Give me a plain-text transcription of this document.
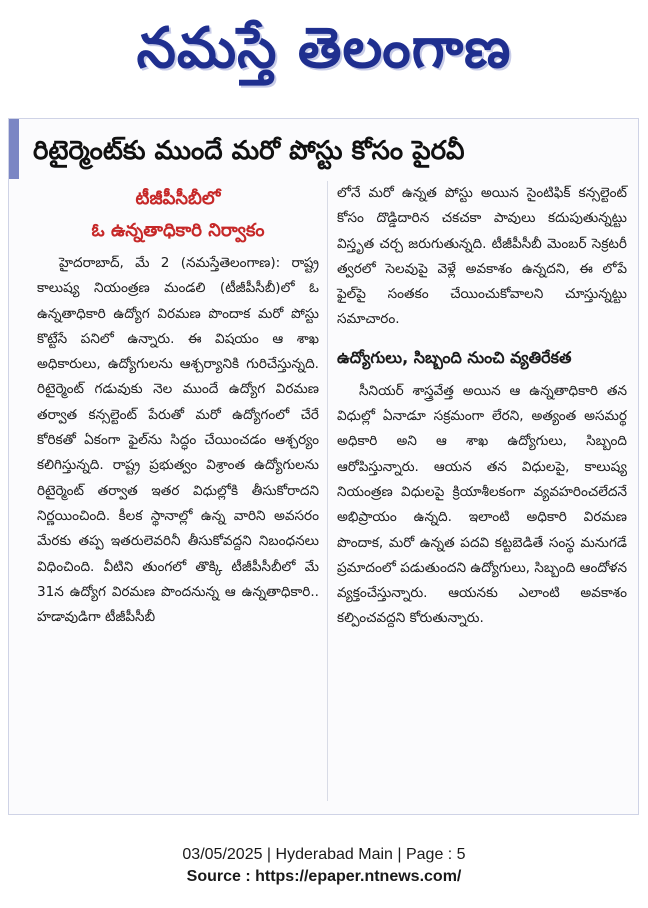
నమస్తే తెలంగాణ
రిటైర్మెంట్‌కు ముందే మరో పోస్టు కోసం పైరవీ
టీజీపీసీబీలో
ఓ ఉన్నతాధికారి నిర్వాకం

హైదరాబాద్‌, మే 2 (నమస్తేతెలంగాణ): రాష్ట్ర కాలుష్య నియంత్రణ మండలి (టీజీపీసీబీ)లో ఓ ఉన్నతాధికారి ఉద్యోగ విరమణ పొందాక మరో పోస్టు కొట్టేసే పనిలో ఉన్నారు. ఈ విషయం ఆ శాఖ అధికారులు, ఉద్యోగులను ఆశ్చర్యానికి గురిచేస్తున్నది. రిటైర్మెంట్‌ గడువుకు నెల ముందే ఉద్యోగ విరమణ తర్వాత కన్సల్టెంట్‌ పేరుతో మరో ఉద్యోగంలో చేరే కోరికతో ఏకంగా ఫైల్‌ను సిద్ధం చేయించడం ఆశ్చర్యం కలిగిస్తున్నది. రాష్ట్ర ప్రభుత్వం విశ్రాంత ఉద్యోగులను రిటైర్మెంట్‌ తర్వాత ఇతర విధుల్లోకి తీసుకోరాదని నిర్ణయించింది. కీలక స్థానాల్లో ఉన్న వారిని అవసరం మేరకు తప్ప ఇతరులెవరినీ తీసుకోవద్దని నిబంధనలు విధించింది. వీటిని తుంగలో తొక్కి టీజీపీసీబీలో మే 31న ఉద్యోగ విరమణ పొందనున్న ఆ ఉన్నతాధికారి.. హడావుడిగా టీజీపీసీబీ

లోనే మరో ఉన్నత పోస్టు అయిన సైంటిఫిక్‌ కన్సల్టెంట్‌ కోసం దొడ్డిదారిన చకచకా పావులు కదుపుతున్నట్టు విస్తృత చర్చ జరుగుతున్నది. టీజీపీసీబీ మెంబర్‌ సెక్రటరీ త్వరలో సెలవుపై వెళ్లే అవకాశం ఉన్నదని, ఈ లోపే ఫైల్‌పై సంతకం చేయించుకోవాలని చూస్తున్నట్టు సమాచారం.

ఉద్యోగులు, సిబ్బంది నుంచి వ్యతిరేకత

సీనియర్‌ శాస్త్రవేత్త అయిన ఆ ఉన్నతాధికారి తన విధుల్లో ఏనాడూ సక్రమంగా లేరని, అత్యంత అసమర్థ అధికారి అని ఆ శాఖ ఉద్యోగులు, సిబ్బంది ఆరోపిస్తున్నారు. ఆయన తన విధులపై, కాలుష్య నియంత్రణ విధులపై క్రియాశీలకంగా వ్యవహరించలేదనే అభిప్రాయం ఉన్నది. ఇలాంటి అధికారి విరమణ పొందాక, మరో ఉన్నత పదవి కట్టబెడితే సంస్థ మనుగడే ప్రమాదంలో పడుతుందని ఉద్యోగులు, సిబ్బంది ఆందోళన వ్యక్తంచేస్తున్నారు. ఆయనకు ఎలాంటి అవకాశం కల్పించవద్దని కోరుతున్నారు.

03/05/2025 | Hyderabad Main | Page : 5
Source : https://epaper.ntnews.com/
